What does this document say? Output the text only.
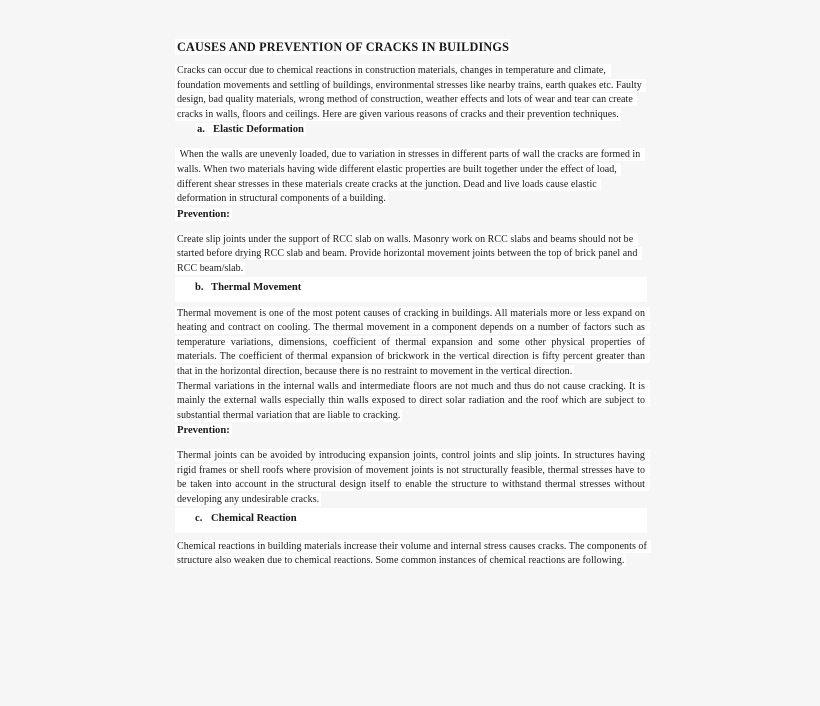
CAUSES AND PREVENTION OF CRACKS IN BUILDINGS

Cracks can occur due to chemical reactions in construction materials, changes in temperature and climate, foundation movements and settling of buildings, environmental stresses like nearby trains, earth quakes etc. Faulty design, bad quality materials, wrong method of construction, weather effects and lots of wear and tear can create cracks in walls, floors and ceilings. Here are given various reasons of cracks and their prevention techniques.

a. Elastic Deformation

When the walls are unevenly loaded, due to variation in stresses in different parts of wall the cracks are formed in walls. When two materials having wide different elastic properties are built together under the effect of load, different shear stresses in these materials create cracks at the junction. Dead and live loads cause elastic deformation in structural components of a building.

Prevention:

Create slip joints under the support of RCC slab on walls. Masonry work on RCC slabs and beams should not be started before drying RCC slab and beam. Provide horizontal movement joints between the top of brick panel and RCC beam/slab.

b. Thermal Movement

Thermal movement is one of the most potent causes of cracking in buildings. All materials more or less expand on heating and contract on cooling. The thermal movement in a component depends on a number of factors such as temperature variations, dimensions, coefficient of thermal expansion and some other physical properties of materials. The coefficient of thermal expansion of brickwork in the vertical direction is fifty percent greater than that in the horizontal direction, because there is no restraint to movement in the vertical direction.

Thermal variations in the internal walls and intermediate floors are not much and thus do not cause cracking. It is mainly the external walls especially thin walls exposed to direct solar radiation and the roof which are subject to substantial thermal variation that are liable to cracking.

Prevention:

Thermal joints can be avoided by introducing expansion joints, control joints and slip joints. In structures having rigid frames or shell roofs where provision of movement joints is not structurally feasible, thermal stresses have to be taken into account in the structural design itself to enable the structure to withstand thermal stresses without developing any undesirable cracks.

c. Chemical Reaction

Chemical reactions in building materials increase their volume and internal stress causes cracks. The components of structure also weaken due to chemical reactions. Some common instances of chemical reactions are following.
